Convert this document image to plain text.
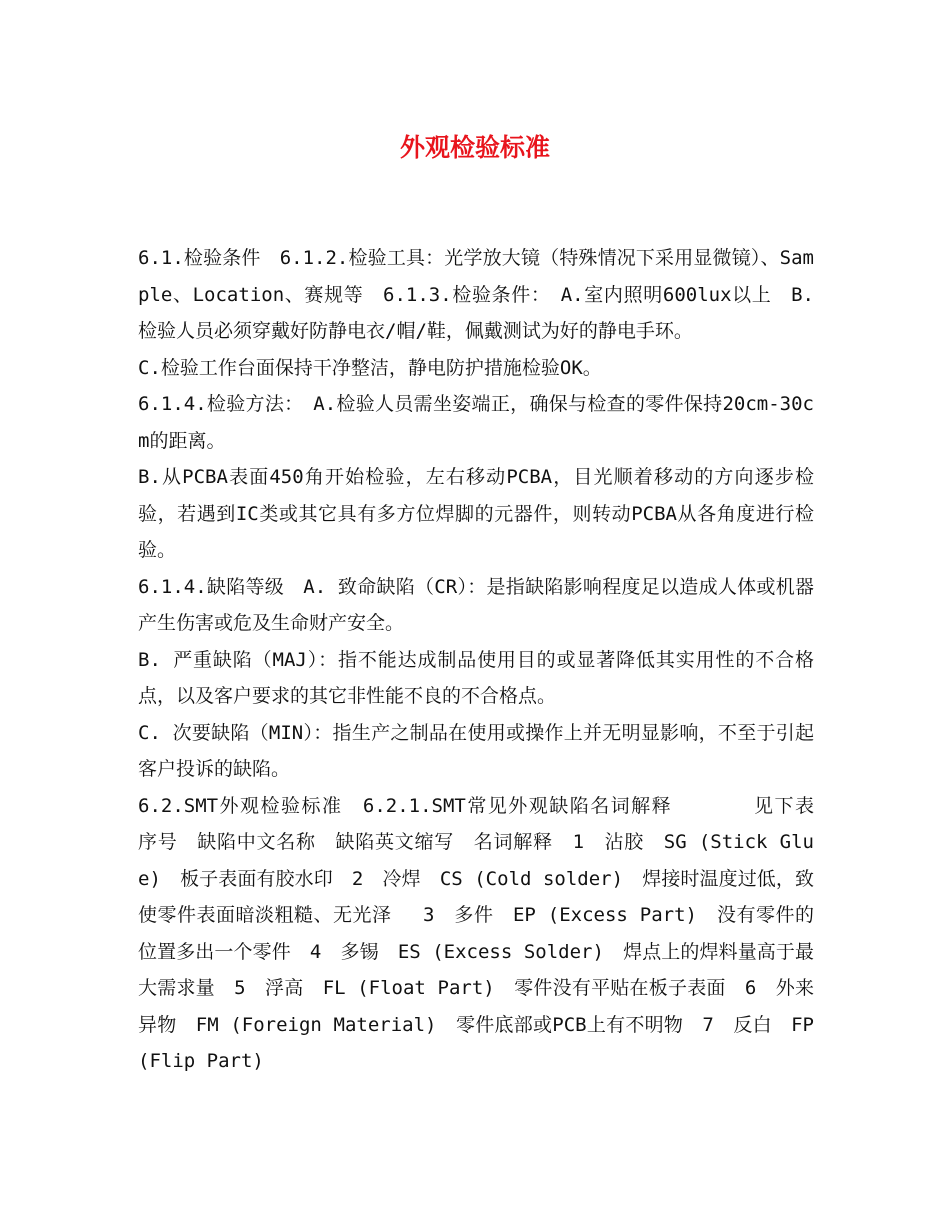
外观检验标准

6.1.检验条件　6.1.2.检验工具：光学放大镜（特殊情况下采用显微镜）、Sample、Location、赛规等　6.1.3.检验条件：　A.室内照明600lux以上　B.检验人员必须穿戴好防静电衣/帽/鞋，佩戴测试为好的静电手环。

C.检验工作台面保持干净整洁，静电防护措施检验OK。

6.1.4.检验方法：　A.检验人员需坐姿端正，确保与检查的零件保持20cm-30cm的距离。

B.从PCBA表面450角开始检验，左右移动PCBA，目光顺着移动的方向逐步检验，若遇到IC类或其它具有多方位焊脚的元器件，则转动PCBA从各角度进行检验。

6.1.4.缺陷等级　A. 致命缺陷（CR）：是指缺陷影响程度足以造成人体或机器产生伤害或危及生命财产安全。

B. 严重缺陷（MAJ）：指不能达成制品使用目的或显著降低其实用性的不合格点，以及客户要求的其它非性能不良的不合格点。

C. 次要缺陷（MIN）：指生产之制品在使用或操作上并无明显影响，不至于引起客户投诉的缺陷。

6.2.SMT外观检验标准　6.2.1.SMT常见外观缺陷名词解释　　　　见下表　序号　缺陷中文名称　缺陷英文缩写　名词解释　1　沾胶　SG (Stick Glue)　板子表面有胶水印　2　冷焊　CS (Cold solder)　焊接时温度过低，致使零件表面暗淡粗糙、无光泽　 3　多件　EP (Excess Part)　没有零件的位置多出一个零件　4　多锡　ES (Excess Solder)　焊点上的焊料量高于最大需求量　5　浮高　FL (Float Part)　零件没有平贴在板子表面　6　外来异物　FM (Foreign Material)　零件底部或PCB上有不明物　7　反白　FP (Flip Part)
